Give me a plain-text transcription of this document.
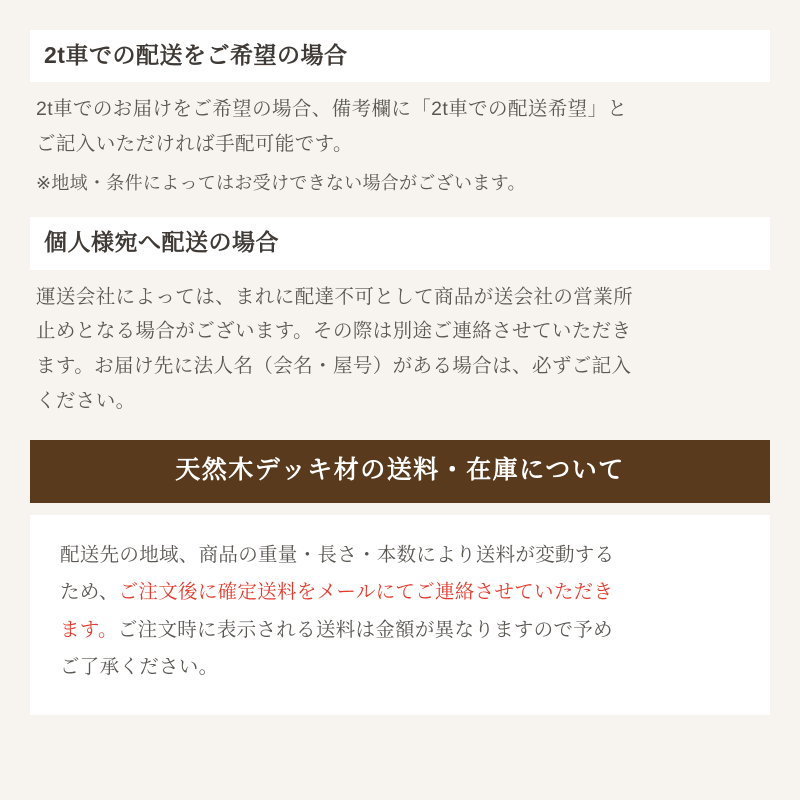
2t車での配送をご希望の場合
2t車でのお届けをご希望の場合、備考欄に「2t車での配送希望」と
ご記入いただければ手配可能です。
※地域・条件によってはお受けできない場合がございます。
個人様宛へ配送の場合
運送会社によっては、まれに配達不可として商品が送会社の営業所
止めとなる場合がございます。その際は別途ご連絡させていただき
ます。お届け先に法人名（会名・屋号）がある場合は、必ずご記入
ください。
天然木デッキ材の送料・在庫について
配送先の地域、商品の重量・長さ・本数により送料が変動する
ため、ご注文後に確定送料をメールにてご連絡させていただき
ます。ご注文時に表示される送料は金額が異なりますので予め
ご了承ください。
